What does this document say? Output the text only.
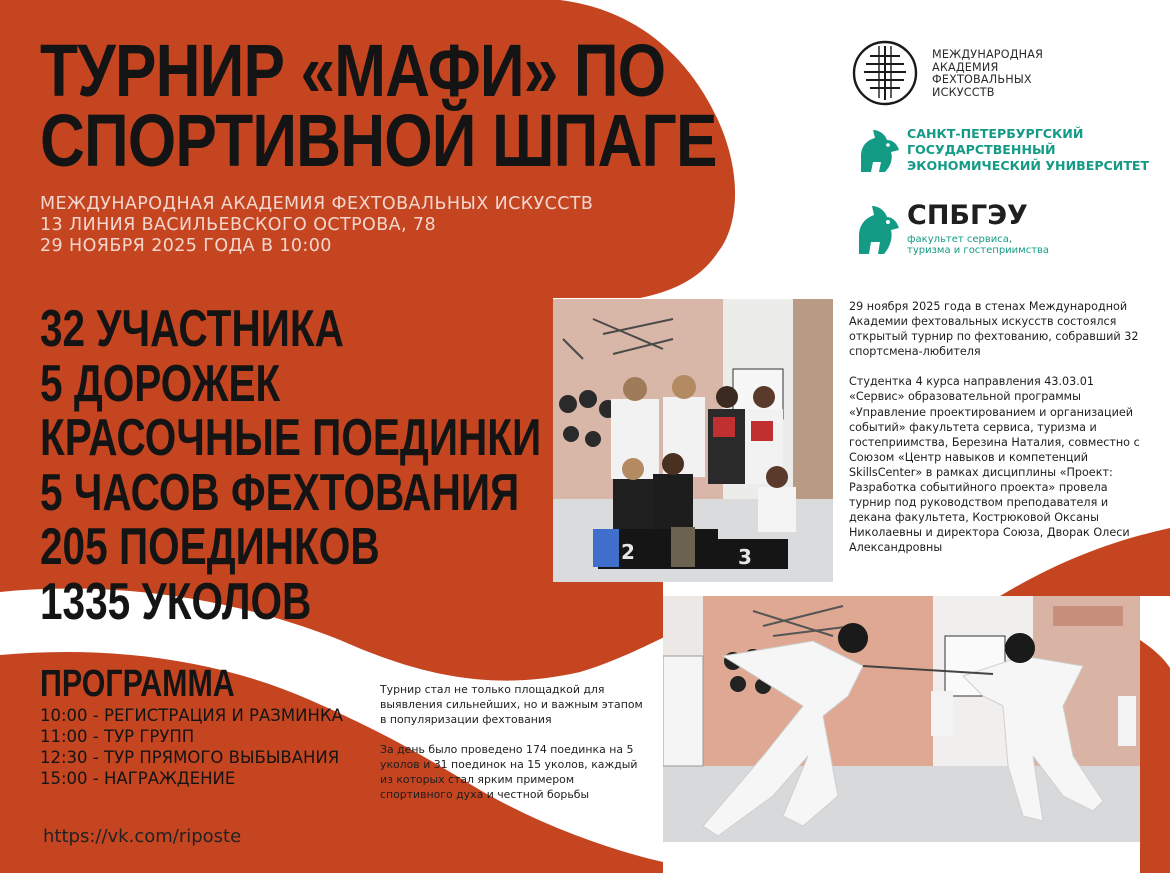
ТУРНИР «МАФИ» ПО
СПОРТИВНОЙ ШПАГЕ
МЕЖДУНАРОДНАЯ АКАДЕМИЯ ФЕХТОВАЛЬНЫХ ИСКУССТВ
13 ЛИНИЯ ВАСИЛЬЕВСКОГО ОСТРОВА, 78
29 НОЯБРЯ 2025 ГОДА В 10:00
32 УЧАСТНИКА
5 ДОРОЖЕК
КРАСОЧНЫЕ ПОЕДИНКИ
5 ЧАСОВ ФЕХТОВАНИЯ
205 ПОЕДИНКОВ
1335 УКОЛОВ
ПРОГРАММА
10:00 - РЕГИСТРАЦИЯ И РАЗМИНКА
11:00 - ТУР ГРУПП
12:30 - ТУР ПРЯМОГО ВЫБЫВАНИЯ
15:00 - НАГРАЖДЕНИЕ
https://vk.com/riposte
МЕЖДУНАРОДНАЯ
АКАДЕМИЯ
ФЕХТОВАЛЬНЫХ
ИСКУССТВ
САНКТ-ПЕТЕРБУРГСКИЙ
ГОСУДАРСТВЕННЫЙ
ЭКОНОМИЧЕСКИЙ УНИВЕРСИТЕТ
СПБГЭУ
факультет сервиса,
туризма и гостеприимства
2	3

29 ноября 2025 года в стенах Международной Академии фехтовальных искусств состоялся открытый турнир по фехтованию, собравший 32 спортсмена-любителя

Студентка 4 курса направления 43.03.01 «Сервис» образовательной программы «Управление проектированием и организацией событий» факультета сервиса, туризма и гостеприимства, Березина Наталия, совместно с Союзом «Центр навыков и компетенций SkillsCenter» в рамках дисциплины «Проект: Разработка событийного проекта» провела турнир под руководством преподавателя и декана факультета, Кострюковой Оксаны Николаевны и директора Союза, Дворак Олеси Александровны

Турнир стал не только площадкой для выявления сильнейших, но и важным этапом в популяризации фехтования

За день было проведено 174 поединка на 5 уколов и 31 поединок на 15 уколов, каждый из которых стал ярким примером спортивного духа и честной борьбы
